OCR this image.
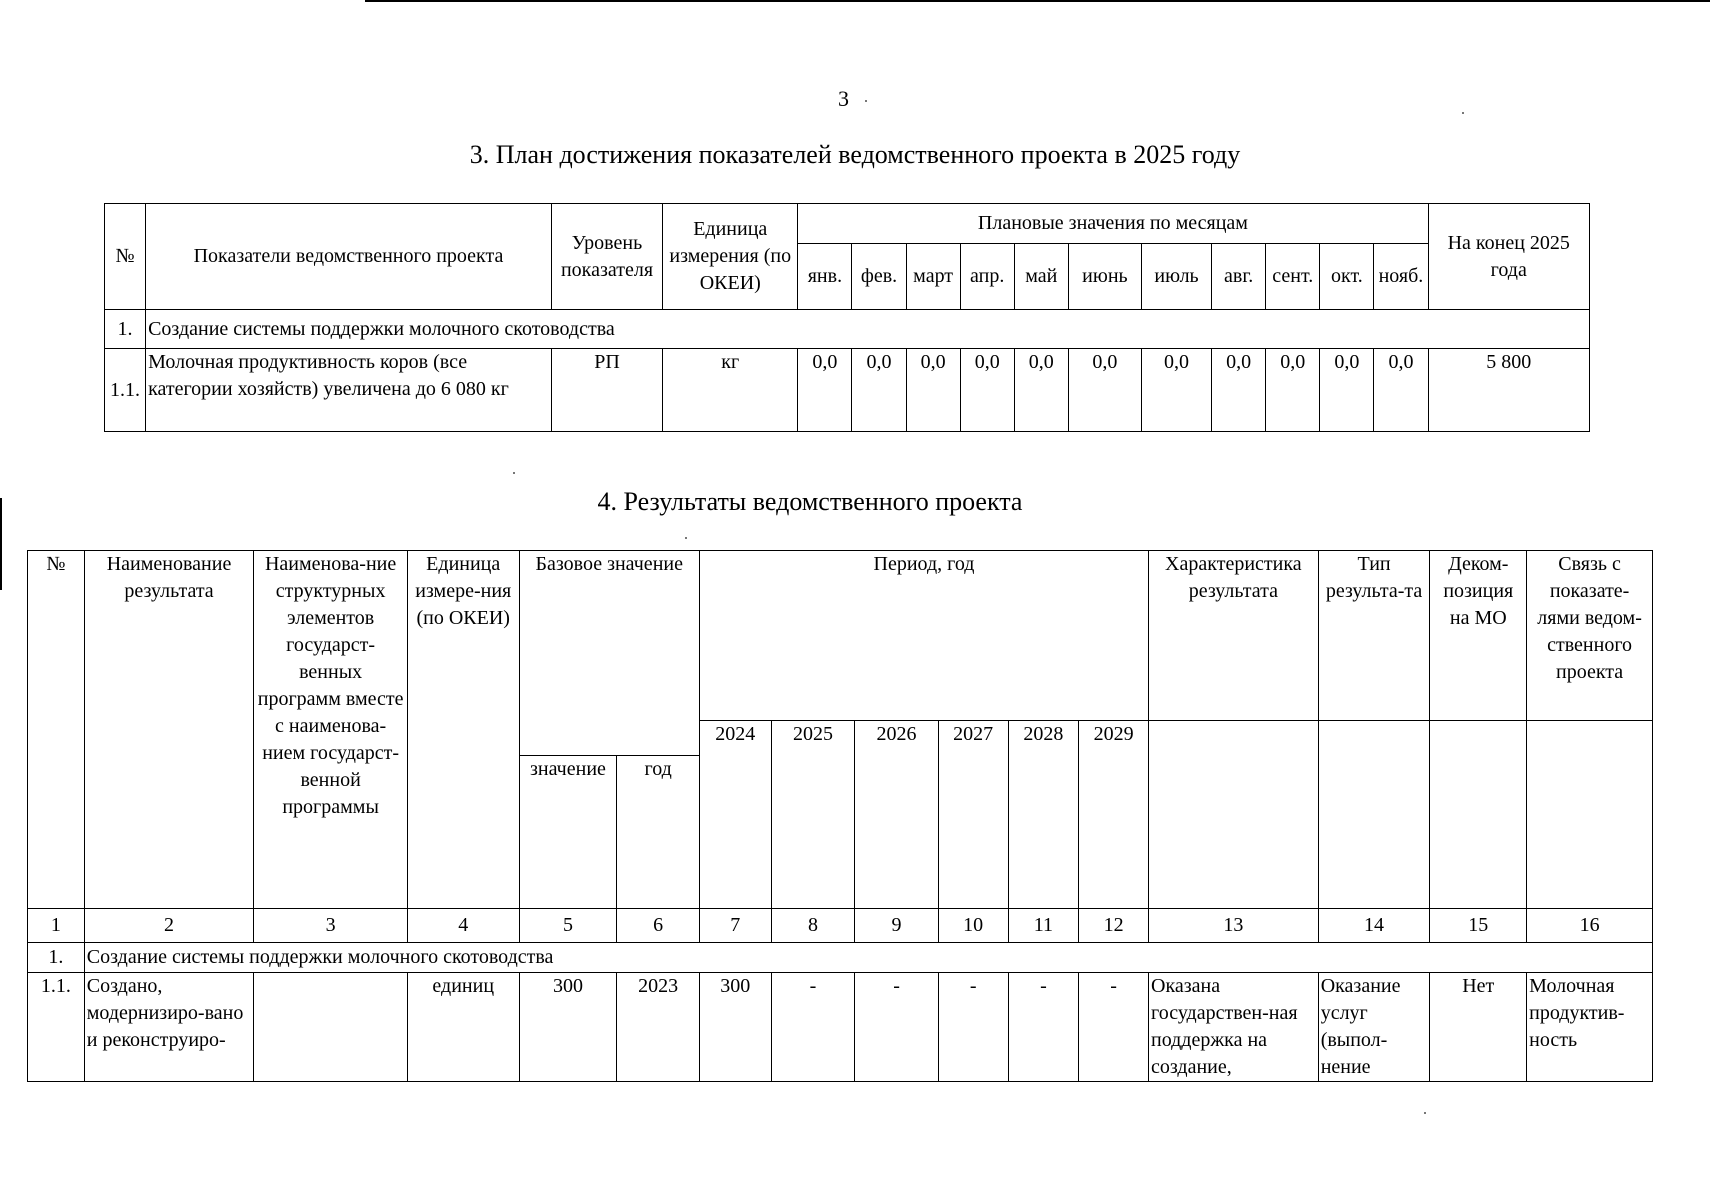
3
3. План достижения показателей ведомственного проекта в 2025 году
№	Показатели ведомственного проекта	Уровень показателя	Единица измерения (по ОКЕИ)	Плановые значения по месяцам											На конец 2025 года
				янв.	фев.	март	апр.	май	июнь	июль	авг.	сент.	окт.	нояб.	
1.	Создание системы поддержки молочного скотоводства														
1.1.	Молочная продуктивность коров (все категории хозяйств) увеличена до 6 080 кг	РП	кг	0,0	0,0	0,0	0,0	0,0	0,0	0,0	0,0	0,0	0,0	0,0	5 800
4. Результаты ведомственного проекта
№	Наименование результата	Наименова-ние структурных элементов государст-венных программ вместе с наименова-нием государст-венной программы	Единица измере-ния (по ОКЕИ)	Базовое значение		Период, год						Характеристика результата	Тип результа-та	Деком-позиция на МО	Связь с показате-лями ведом-ственного проекта
						2024	2025	2026	2027	2028	2029				
				значение	год										
1	2	3	4	5	6	7	8	9	10	11	12	13	14	15	16
1.	Создание системы поддержки молочного скотоводства														
1.1.	Создано, модернизиро-вано и реконструиро-		единиц	300	2023	300	-	-	-	-	-	Оказана государствен-ная поддержка на создание,	Оказание услуг (выпол-нение	Нет	Молочная продуктив-ность
